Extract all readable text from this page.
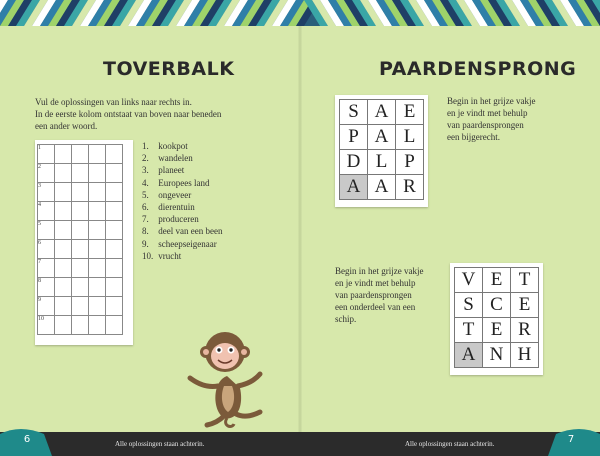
TOVERBALK
Vul de oplossingen van links naar rechts in.
In de eerste kolom ontstaat van boven naar beneden
een ander woord.
1				
2				
3				
4				
5				
6				
7				
8				
9				
10				
1. kookpot
2. wandelen
3. planeet
4. Europees land
5. ongeveer
6. dierentuin
7. produceren
8. deel van een been
9. scheepseigenaar
10. vrucht
PAARDENSPRONG
S	A	E
P	A	L
D	L	P
A	A	R
Begin in het grijze vakje
en je vindt met behulp
van paardensprongen
een bijgerecht.
Begin in het grijze vakje
en je vindt met behulp
van paardensprongen
een onderdeel van een
schip.
V	E	T
S	C	E
T	E	R
A	N	H
6	7
Alle oplossingen staan achterin.	Alle oplossingen staan achterin.
